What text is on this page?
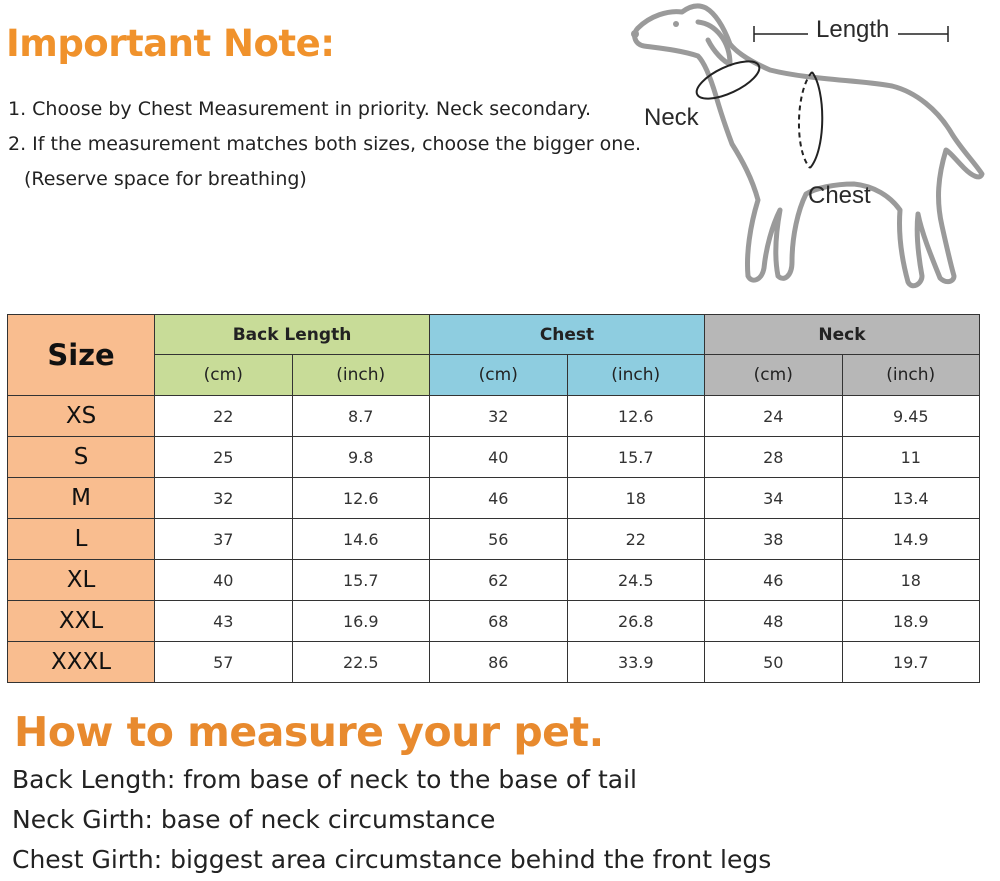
Important Note:
1. Choose by Chest Measurement in priority. Neck secondary.
2. If the measurement matches both sizes, choose the bigger one.
(Reserve space for breathing)
Length
Neck
Chest
Size	Back Length		Chest		Neck	
	(cm)	(inch)	(cm)	(inch)	(cm)	(inch)
XS	22	8.7	32	12.6	24	9.45
S	25	9.8	40	15.7	28	11
M	32	12.6	46	18	34	13.4
L	37	14.6	56	22	38	14.9
XL	40	15.7	62	24.5	46	18
XXL	43	16.9	68	26.8	48	18.9
XXXL	57	22.5	86	33.9	50	19.7
How to measure your pet.
Back Length: from base of neck to the base of tail
Neck Girth: base of neck circumstance
Chest Girth: biggest area circumstance behind the front legs
